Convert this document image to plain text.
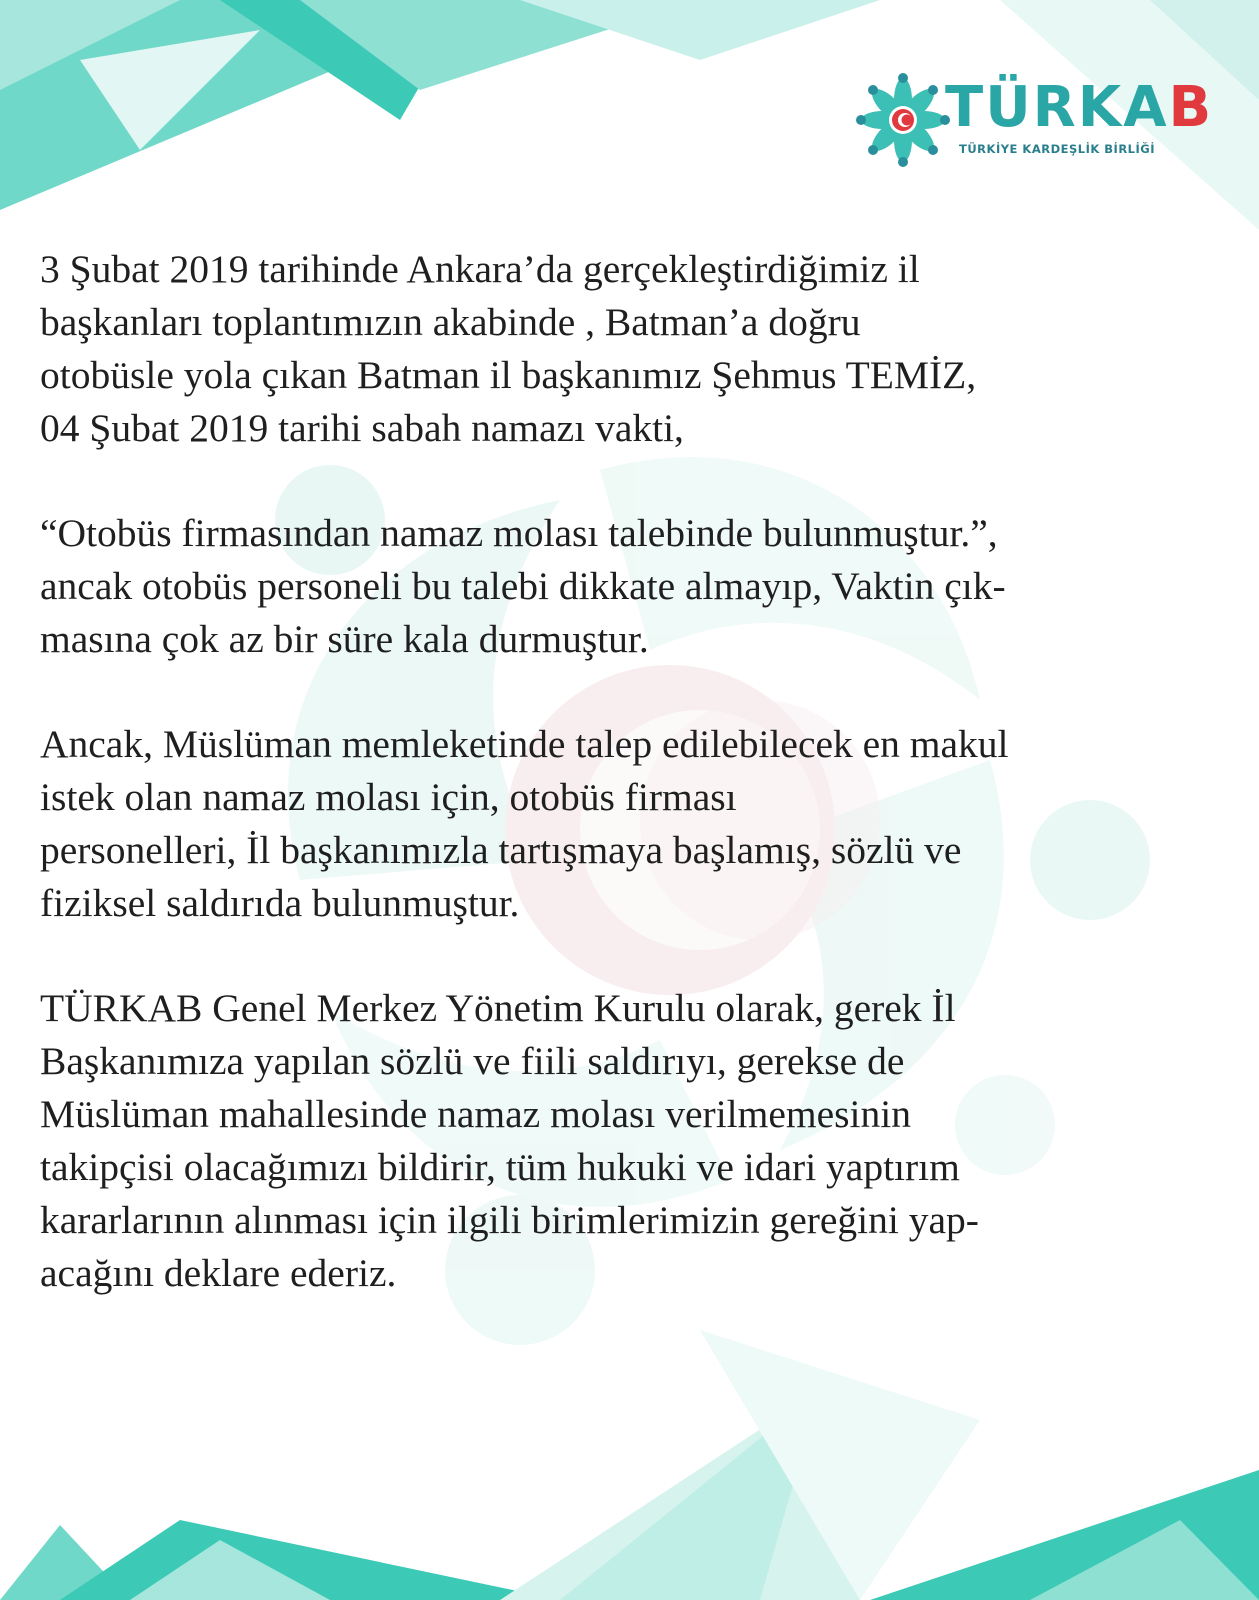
TÜRKAB
TÜRKİYE KARDEŞLİK BİRLİĞİ

3 Şubat 2019 tarihinde Ankara’da gerçekleştirdiğimiz il
başkanları toplantımızın akabinde , Batman’a doğru
otobüsle yola çıkan Batman il başkanımız Şehmus TEMİZ,
04 Şubat 2019 tarihi sabah namazı vakti,

“Otobüs firmasından namaz molası talebinde bulunmuştur.”,
ancak otobüs personeli bu talebi dikkate almayıp, Vaktin çık-
masına çok az bir süre kala durmuştur.

Ancak, Müslüman memleketinde talep edilebilecek en makul
istek olan namaz molası için, otobüs firması
personelleri, İl başkanımızla tartışmaya başlamış, sözlü ve
fiziksel saldırıda bulunmuştur.

TÜRKAB Genel Merkez Yönetim Kurulu olarak, gerek İl
Başkanımıza yapılan sözlü ve fiili saldırıyı, gerekse de
Müslüman mahallesinde namaz molası verilmemesinin
takipçisi olacağımızı bildirir, tüm hukuki ve idari yaptırım
kararlarının alınması için ilgili birimlerimizin gereğini yap-
acağını deklare ederiz.
